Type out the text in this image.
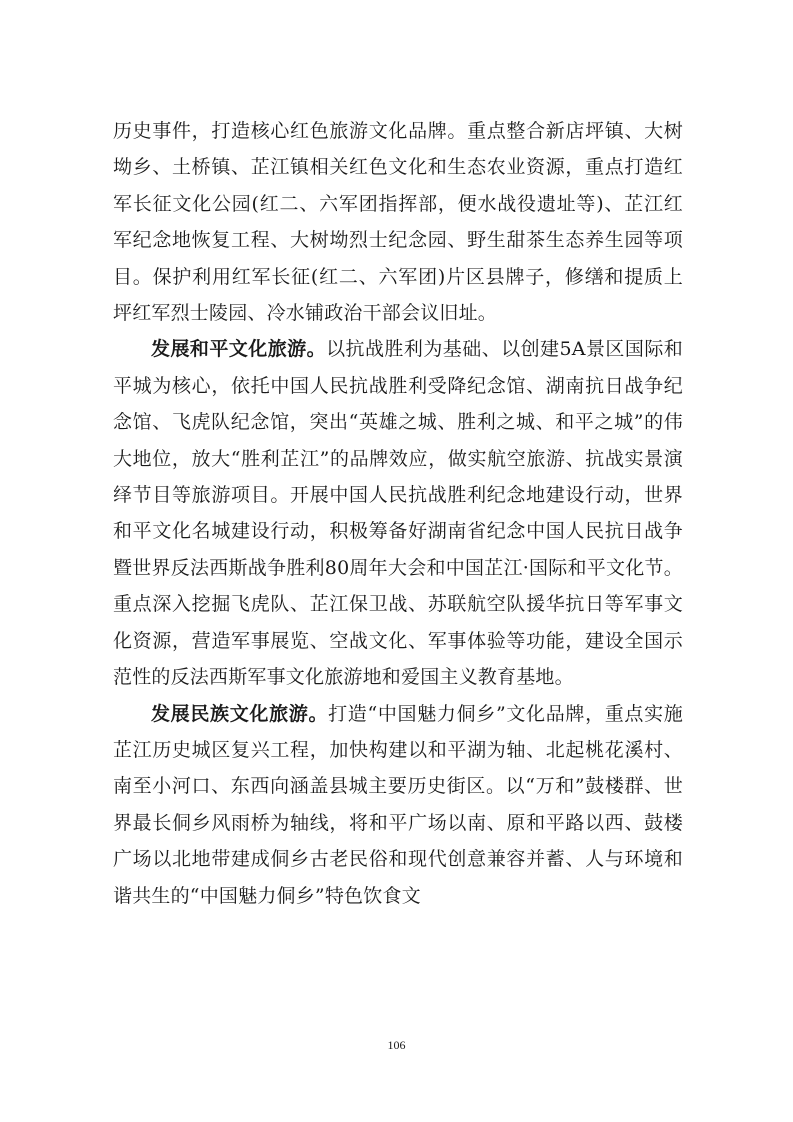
历史事件，打造核心红色旅游文化品牌。重点整合新店坪镇、大树坳乡、土桥镇、芷江镇相关红色文化和生态农业资源，重点打造红军长征文化公园(红二、六军团指挥部，便水战役遗址等)、芷江红军纪念地恢复工程、大树坳烈士纪念园、野生甜茶生态养生园等项目。保护利用红军长征(红二、六军团)片区县牌子，修缮和提质上坪红军烈士陵园、冷水铺政治干部会议旧址。

发展和平文化旅游。以抗战胜利为基础、以创建5A景区国际和平城为核心，依托中国人民抗战胜利受降纪念馆、湖南抗日战争纪念馆、飞虎队纪念馆，突出“英雄之城、胜利之城、和平之城”的伟大地位，放大“胜利芷江”的品牌效应，做实航空旅游、抗战实景演绎节目等旅游项目。开展中国人民抗战胜利纪念地建设行动，世界和平文化名城建设行动，积极筹备好湖南省纪念中国人民抗日战争暨世界反法西斯战争胜利80周年大会和中国芷江·国际和平文化节。重点深入挖掘飞虎队、芷江保卫战、苏联航空队援华抗日等军事文化资源，营造军事展览、空战文化、军事体验等功能，建设全国示范性的反法西斯军事文化旅游地和爱国主义教育基地。

发展民族文化旅游。打造“中国魅力侗乡”文化品牌，重点实施芷江历史城区复兴工程，加快构建以和平湖为轴、北起桃花溪村、南至小河口、东西向涵盖县城主要历史街区。以“万和”鼓楼群、世界最长侗乡风雨桥为轴线，将和平广场以南、原和平路以西、鼓楼广场以北地带建成侗乡古老民俗和现代创意兼容并蓄、人与环境和谐共生的“中国魅力侗乡”特色饮食文

106
